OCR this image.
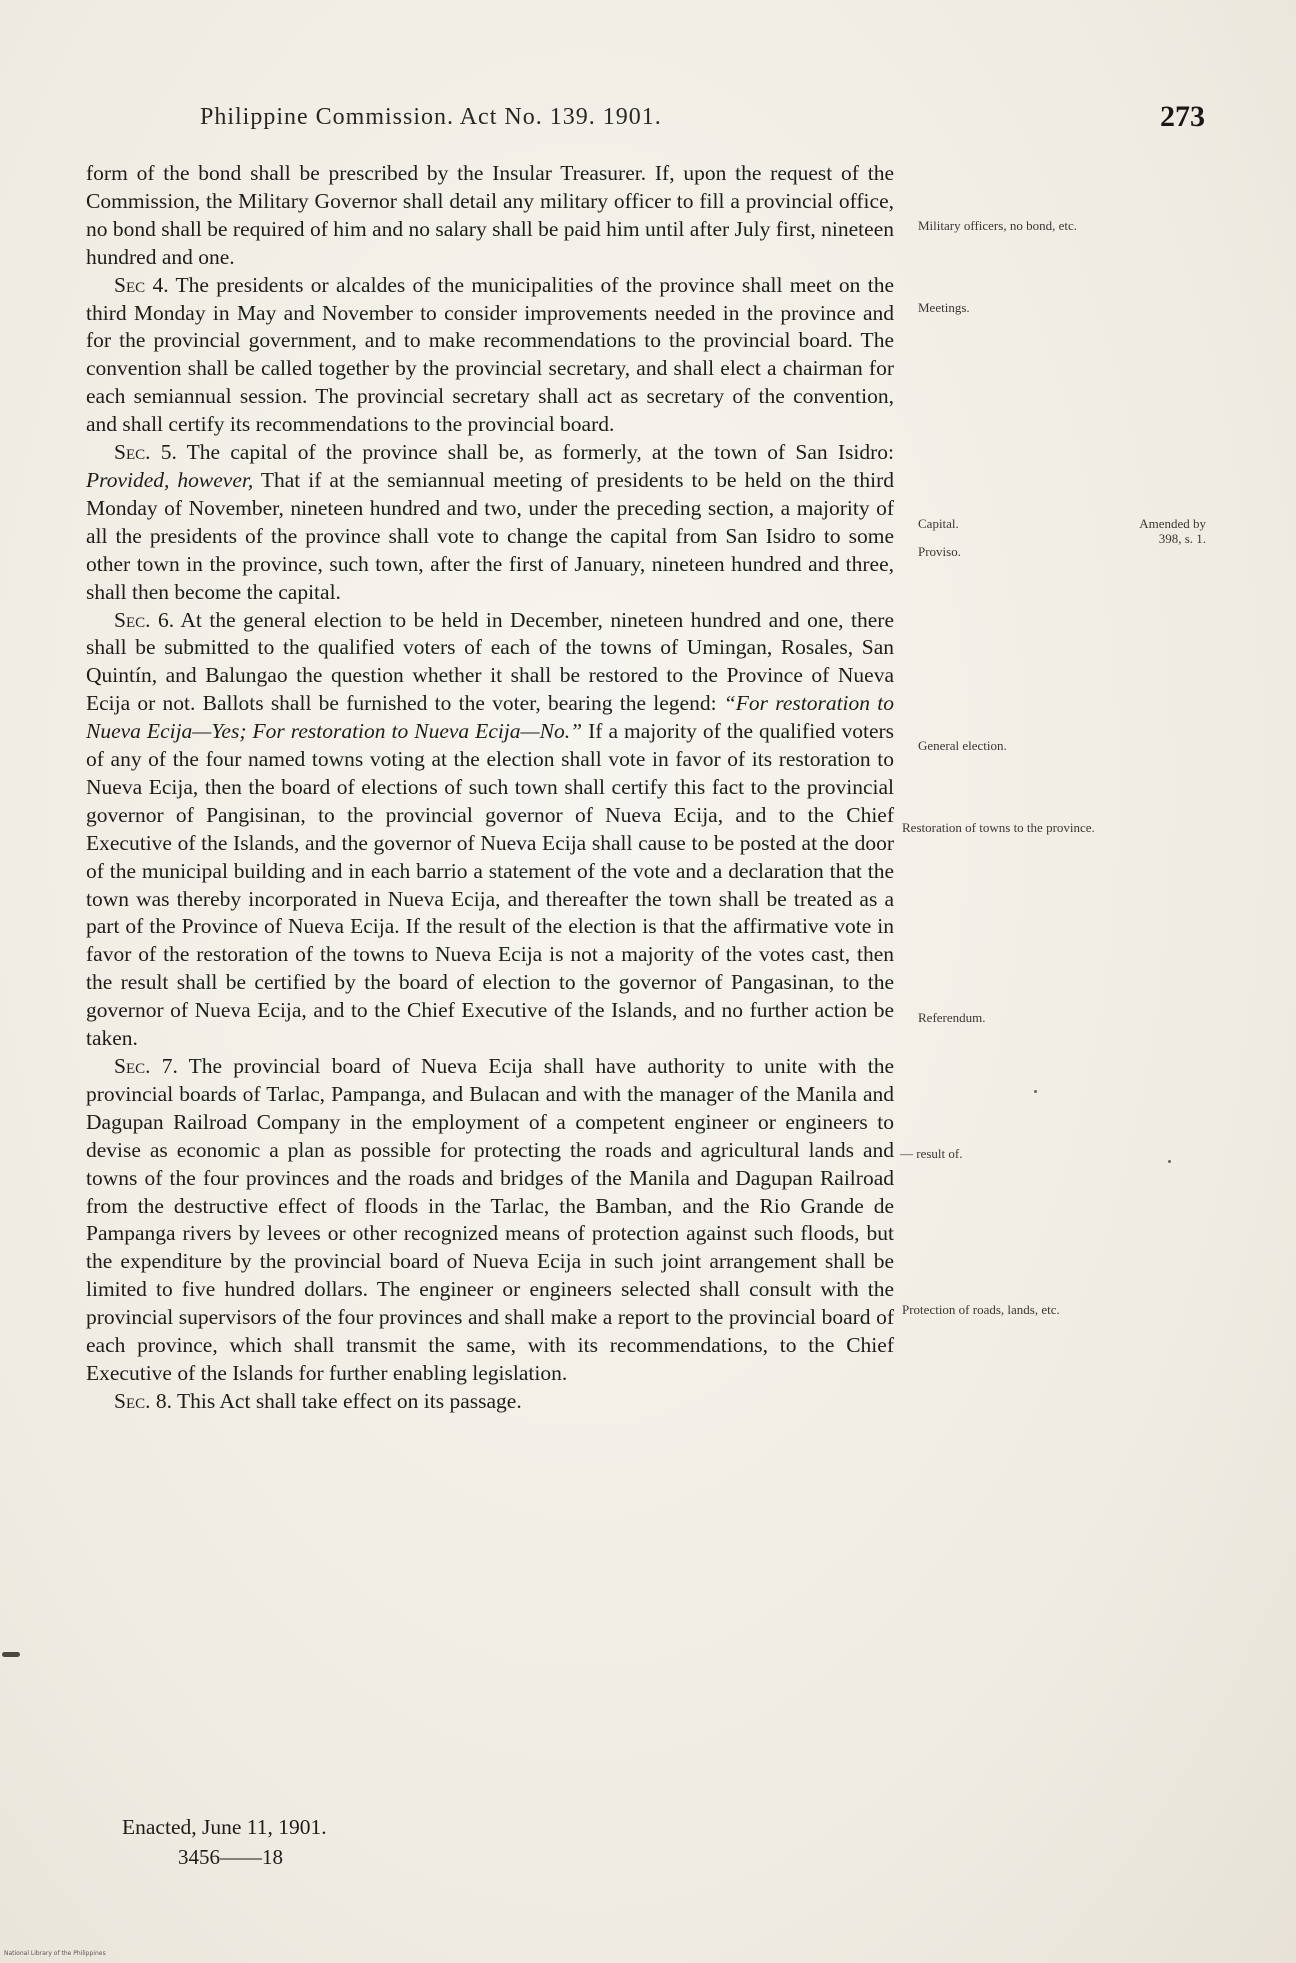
Philippine Commission. Act No. 139. 1901.	273

form of the bond shall be prescribed by the Insular Treasurer. If, upon the request of the Commission, the Military Governor shall detail any military officer to fill a provincial office, no bond shall be required of him and no salary shall be paid him until after July first, nineteen hundred and one.

Sec 4. The presidents or alcaldes of the municipalities of the province shall meet on the third Monday in May and November to consider improvements needed in the province and for the provincial government, and to make recommendations to the provincial board. The convention shall be called together by the provincial secretary, and shall elect a chairman for each semiannual session. The provincial secretary shall act as secretary of the convention, and shall certify its recommendations to the provincial board.

Sec. 5. The capital of the province shall be, as formerly, at the town of San Isidro: Provided, however, That if at the semiannual meeting of presidents to be held on the third Monday of November, nineteen hundred and two, under the preceding section, a majority of all the presidents of the province shall vote to change the capital from San Isidro to some other town in the province, such town, after the first of January, nineteen hundred and three, shall then become the capital.

Sec. 6. At the general election to be held in December, nineteen hundred and one, there shall be submitted to the qualified voters of each of the towns of Umingan, Rosales, San Quintín, and Balungao the question whether it shall be restored to the Province of Nueva Ecija or not. Ballots shall be furnished to the voter, bearing the legend: “For restoration to Nueva Ecija—Yes; For restoration to Nueva Ecija—No.” If a majority of the qualified voters of any of the four named towns voting at the election shall vote in favor of its restoration to Nueva Ecija, then the board of elections of such town shall certify this fact to the provincial governor of Pangisinan, to the provincial governor of Nueva Ecija, and to the Chief Executive of the Islands, and the governor of Nueva Ecija shall cause to be posted at the door of the municipal building and in each barrio a statement of the vote and a declaration that the town was thereby incorporated in Nueva Ecija, and thereafter the town shall be treated as a part of the Province of Nueva Ecija. If the result of the election is that the affirmative vote in favor of the restoration of the towns to Nueva Ecija is not a majority of the votes cast, then the result shall be certified by the board of election to the governor of Pangasinan, to the governor of Nueva Ecija, and to the Chief Executive of the Islands, and no further action be taken.

Sec. 7. The provincial board of Nueva Ecija shall have authority to unite with the provincial boards of Tarlac, Pampanga, and Bulacan and with the manager of the Manila and Dagupan Railroad Company in the employment of a competent engineer or engineers to devise as economic a plan as possible for protecting the roads and agricultural lands and towns of the four provinces and the roads and bridges of the Manila and Dagupan Railroad from the destructive effect of floods in the Tarlac, the Bamban, and the Rio Grande de Pampanga rivers by levees or other recognized means of protection against such floods, but the expenditure by the provincial board of Nueva Ecija in such joint arrangement shall be limited to five hundred dollars. The engineer or engineers selected shall consult with the provincial supervisors of the four provinces and shall make a report to the provincial board of each province, which shall transmit the same, with its recommendations, to the Chief Executive of the Islands for further enabling legislation.

Sec. 8. This Act shall take effect on its passage.

Enacted, June 11, 1901.
3456——18
Military officers, no bond, etc.
Meetings.
Capital.
Proviso.
Amended by 398, s. 1.
General election.
Restoration of towns to the province.
Referendum.
— result of.
Protection of roads, lands, etc.
National Library of the Philippines
